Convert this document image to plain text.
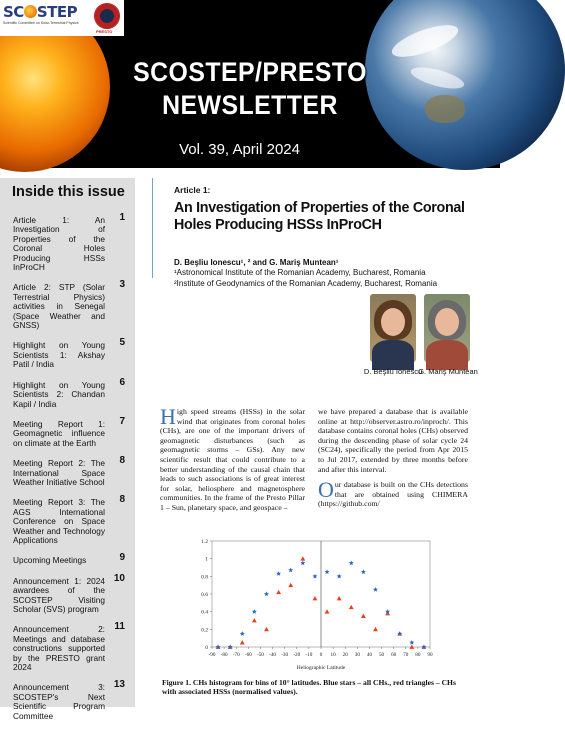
SC STEP
Scientific Committee on Solar-Terrestrial Physics
PRESTO
SCOSTEP/PRESTO
NEWSLETTER
Vol. 39, April 2024
Inside this issue
Article 1: An Investigation of Properties of the Coronal Holes Producing HSSs InProCH
1
Article 2: STP (Solar Terrestrial Physics) activities in Senegal (Space Weather and GNSS)
3
Highlight on Young Scientists 1: Akshay Patil / India
5
Highlight on Young Scientists 2: Chandan Kapil / India
6
Meeting Report 1: Geomagnetic influence on climate at the Earth
7
Meeting Report 2: The International Space Weather Initiative School
8
Meeting Report 3: The AGS International Conference on Space Weather and Technology Applications
8
Upcoming Meetings	9
Announcement 1: 2024 awardees of the SCOSTEP Visiting Scholar (SVS) program
10
Announcement 2: Meetings and database constructions supported by the PRESTO grant 2024
11
Announcement 3: SCOSTEP's Next Scientific Program Committee
13
Article 1:
An Investigation of Properties of the Coronal Holes Producing HSSs InProCH
D. Beşliu Ionescu¹, ² and G. Mariş Muntean¹
¹Astronomical Institute of the Romanian Academy, Bucharest, Romania
²Institute of Geodynamics of the Romanian Academy, Bucharest, Romania
D. Beşliu Ionescu
G. Mariş Muntean

High speed streams (HSSs) in the solar wind that originates from coronal holes (CHs), are one of the important drivers of geomagnetic disturbances (such as geomagnetic storms – GSs). Any new scientific result that could contribute to a better understanding of the causal chain that leads to such associations is of great interest for solar, heliosphere and magnetosphere communities. In the frame of the Presto Pillar 1 – Sun, planetary space, and geospace –

we have prepared a database that is available online at http://observer.astro.ro/inproch/. This database contains coronal holes (CHs) observed during the descending phase of solar cycle 24 (SC24), specifically the period from Apr 2015 to Jul 2017, extended by three months before and after this interval.

Our database is built on the CHs detections that are obtained using CHIMERA (https://github.com/

0
0.2
0.4
0.6
0.8
1
1.2
-90 -80 -70 -60 -50 -40 -30 -20 -10 0 10 20 30 40 50 60 70 80 90
Heliographic Latitude
Figure 1. CHs histogram for bins of 10° latitudes. Blue stars – all CHs., red triangles – CHs with associated HSSs (normalised values).
